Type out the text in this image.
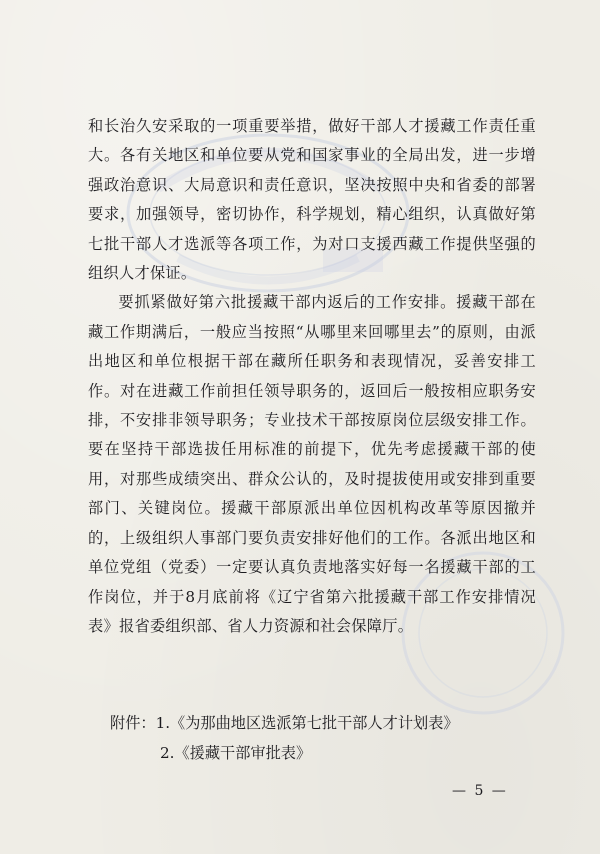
和长治久安采取的一项重要举措，做好干部人才援藏工作责任重大。各有关地区和单位要从党和国家事业的全局出发，进一步增强政治意识、大局意识和责任意识，坚决按照中央和省委的部署要求，加强领导，密切协作，科学规划，精心组织，认真做好第七批干部人才选派等各项工作，为对口支援西藏工作提供坚强的组织人才保证。

要抓紧做好第六批援藏干部内返后的工作安排。援藏干部在藏工作期满后，一般应当按照“从哪里来回哪里去”的原则，由派出地区和单位根据干部在藏所任职务和表现情况，妥善安排工作。对在进藏工作前担任领导职务的，返回后一般按相应职务安排，不安排非领导职务；专业技术干部按原岗位层级安排工作。要在坚持干部选拔任用标准的前提下，优先考虑援藏干部的使用，对那些成绩突出、群众公认的，及时提拔使用或安排到重要部门、关键岗位。援藏干部原派出单位因机构改革等原因撤并的，上级组织人事部门要负责安排好他们的工作。各派出地区和单位党组（党委）一定要认真负责地落实好每一名援藏干部的工作岗位，并于8月底前将《辽宁省第六批援藏干部工作安排情况表》报省委组织部、省人力资源和社会保障厅。

附件：1.《为那曲地区选派第七批干部人才计划表》
2.《援藏干部审批表》
— 5 —
